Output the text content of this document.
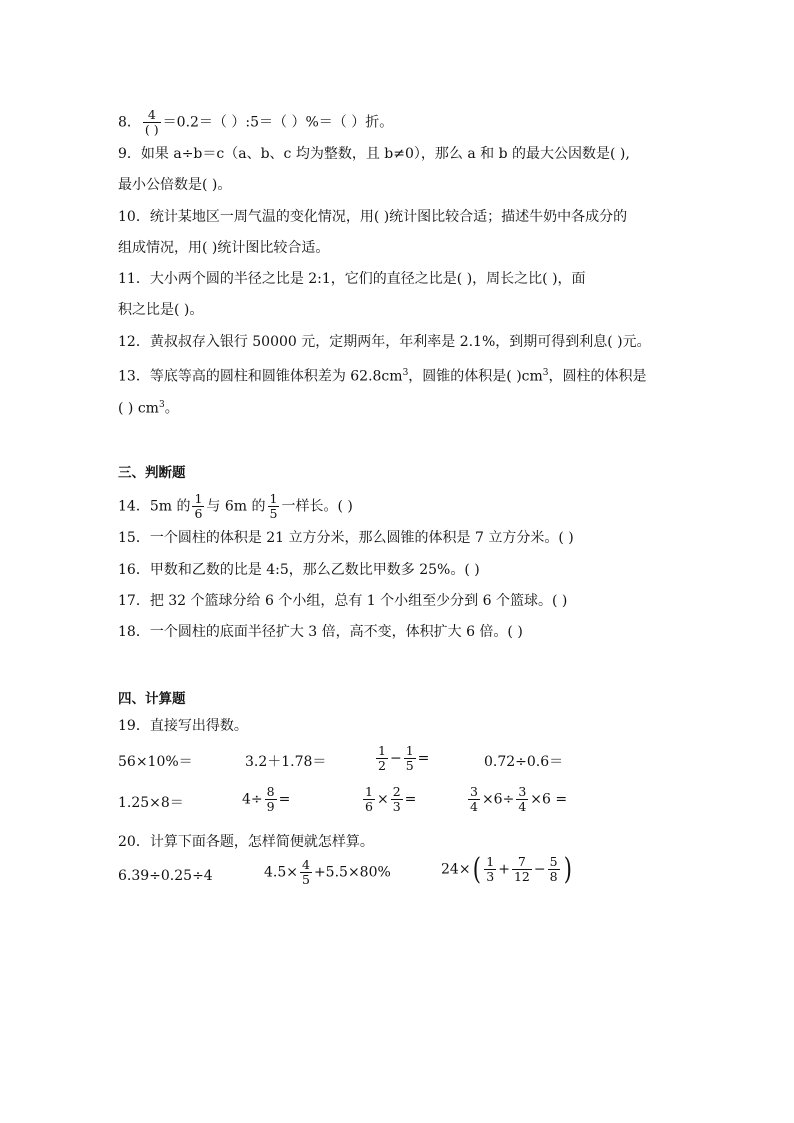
8． $\frac{4}{( )} =0.2=$（ ）:5＝（ ）%＝（ ）折。
9．如果 a÷b＝c（a、b、c 均为整数，且 b≠0），那么 a 和 b 的最大公因数是( ),
最小公倍数是( )。
10．统计某地区一周气温的变化情况，用( )统计图比较合适；描述牛奶中各成分的
组成情况，用( )统计图比较合适。
11．大小两个圆的半径之比是 2:1，它们的直径之比是( )，周长之比( )，面
积之比是( )。
12．黄叔叔存入银行 50000 元，定期两年，年利率是 2.1%，到期可得到利息( )元。
13．等底等高的圆柱和圆锥体积差为 $62.8cm^3$，圆锥的体积是( )$cm^3$，圆柱的体积是
( ) $cm^3$。
三、判断题
14．5m 的 $\frac{1}{6}$ 与 6m 的 $\frac{1}{5}$ 一样长。( )
15．一个圆柱的体积是 21 立方分米，那么圆锥的体积是 7 立方分米。( )
16．甲数和乙数的比是 4:5，那么乙数比甲数多 25%。( )
17．把 32 个篮球分给 6 个小组，总有 1 个小组至少分到 6 个篮球。( )
18．一个圆柱的底面半径扩大 3 倍，高不变，体积扩大 6 倍。( )
四、计算题
19．直接写出得数。
56×10%＝	3.2＋1.78＝	$\frac{1}{2} - \frac{1}{5}$ =	0.72÷0.6＝
1.25×8＝	$4\div \frac{8}{9}$ =	$\frac{1}{6} \times \frac{2}{3}$ =	$\frac{3}{4} \times 6\div \frac{3}{4} \times 6$ =
20．计算下面各题，怎样简便就怎样算。
6.39÷0.25÷4	$4.5\times \frac{4}{5} +5.5\times 80\%$	$24\times( \frac{1}{3} + \frac{7}{12} - \frac{5}{8}$ )
